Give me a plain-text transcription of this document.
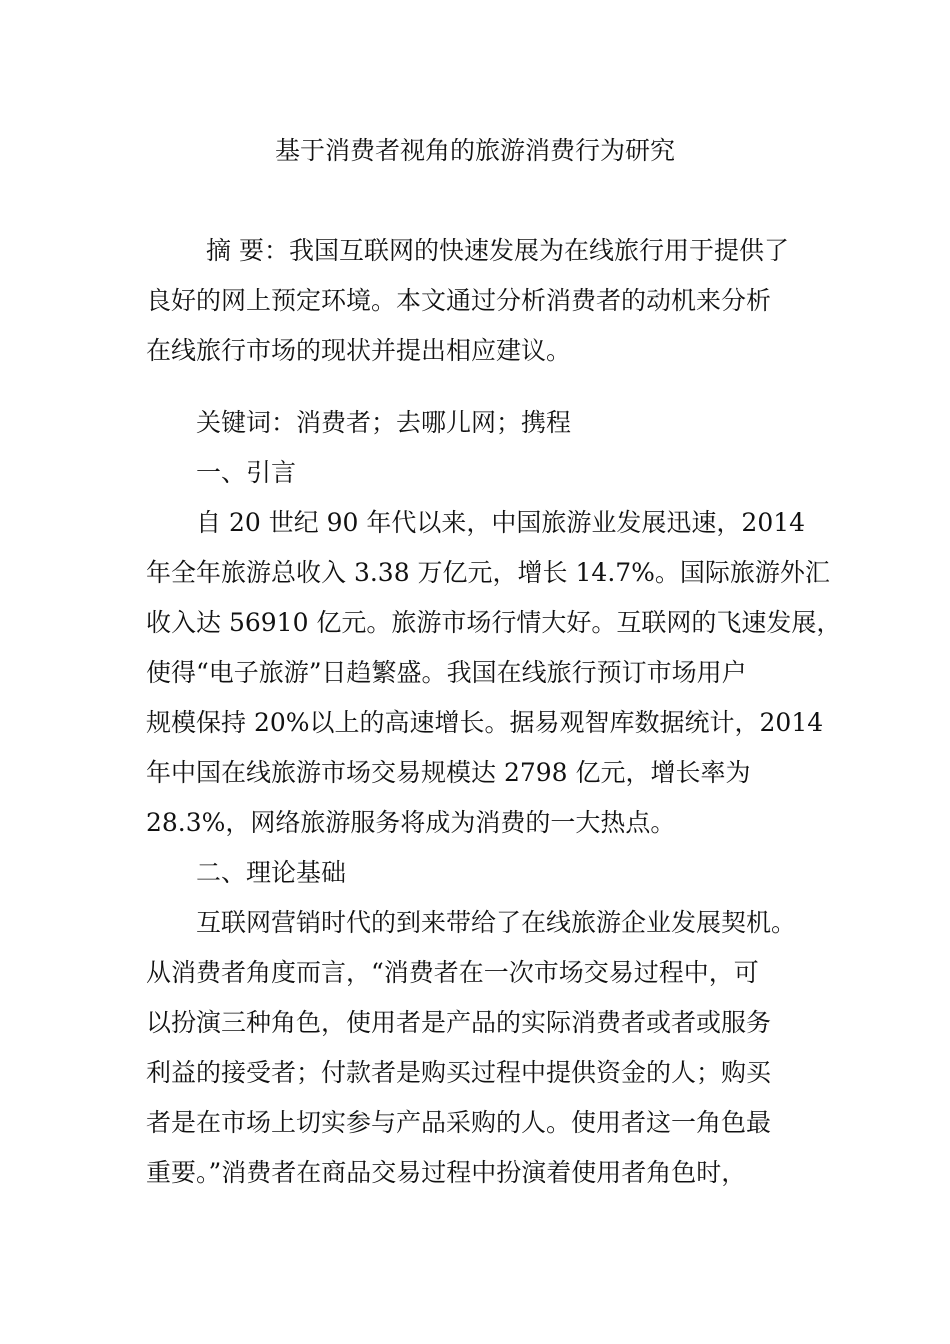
基于消费者视角的旅游消费行为研究
摘 要：我国互联网的快速发展为在线旅行用于提供了
良好的网上预定环境。本文通过分析消费者的动机来分析
在线旅行市场的现状并提出相应建议。
关键词：消费者；去哪儿网；携程
一、引言
自 20 世纪 90 年代以来，中国旅游业发展迅速，2014
年全年旅游总收入 3.38 万亿元，增长 14.7%。国际旅游外汇
收入达 56910 亿元。旅游市场行情大好。互联网的飞速发展，
使得“电子旅游”日趋繁盛。我国在线旅行预订市场用户
规模保持 20%以上的高速增长。据易观智库数据统计，2014
年中国在线旅游市场交易规模达 2798 亿元，增长率为
28.3%，网络旅游服务将成为消费的一大热点。
二、理论基础
互联网营销时代的到来带给了在线旅游企业发展契机。
从消费者角度而言，“消费者在一次市场交易过程中，可
以扮演三种角色，使用者是产品的实际消费者或者或服务
利益的接受者；付款者是购买过程中提供资金的人；购买
者是在市场上切实参与产品采购的人。使用者这一角色最
重要。”消费者在商品交易过程中扮演着使用者角色时，
